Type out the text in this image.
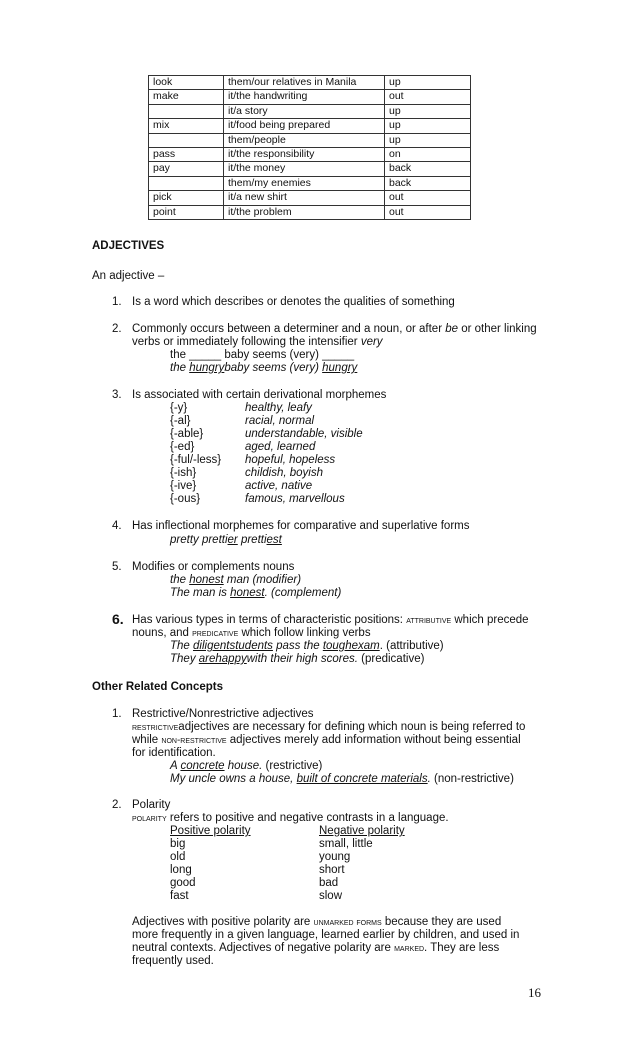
look	them/our relatives in Manila	up
make	it/the handwriting	out
	it/a story	up
mix	it/food being prepared	up
	them/people	up
pass	it/the responsibility	on
pay	it/the money	back
	them/my enemies	back
pick	it/a new shirt	out
point	it/the problem	out
ADJECTIVES
An adjective –
1. Is a word which describes or denotes the qualities of something
2. Commonly occurs between a determiner and a noun, or after be or other linking
verbs or immediately following the intensifier very
the _____ baby seems (very) _____
the hungrybaby seems (very) hungry
3. Is associated with certain derivational morphemes
{-y}	healthy, leafy
{-al}	racial, normal
{-able}	understandable, visible
{-ed}	aged, learned
{-ful/-less} hopeful, hopeless
{-ish}	childish, boyish
{-ive}	active, native
{-ous}	famous, marvellous
4. Has inflectional morphemes for comparative and superlative forms
pretty prettier prettiest
5. Modifies or complements nouns
the honest man (modifier)
The man is honest. (complement)
6. Has various types in terms of characteristic positions: attributive which precede
nouns, and predicative which follow linking verbs
The diligentstudents pass the toughexam. (attributive)
They arehappywith their high scores. (predicative)
Other Related Concepts
1. Restrictive/Nonrestrictive adjectives
restrictiveadjectives are necessary for defining which noun is being referred to
while non-restrictive adjectives merely add information without being essential
for identification.
A concrete house. (restrictive)
My uncle owns a house, built of concrete materials. (non-restrictive)
2. Polarity
polarity refers to positive and negative contrasts in a language.
Positive polarity	Negative polarity
big	small, little
old	young
long	short
good	bad
fast	slow
Adjectives with positive polarity are unmarked forms because they are used
more frequently in a given language, learned earlier by children, and used in
neutral contexts. Adjectives of negative polarity are marked. They are less
frequently used.
16
